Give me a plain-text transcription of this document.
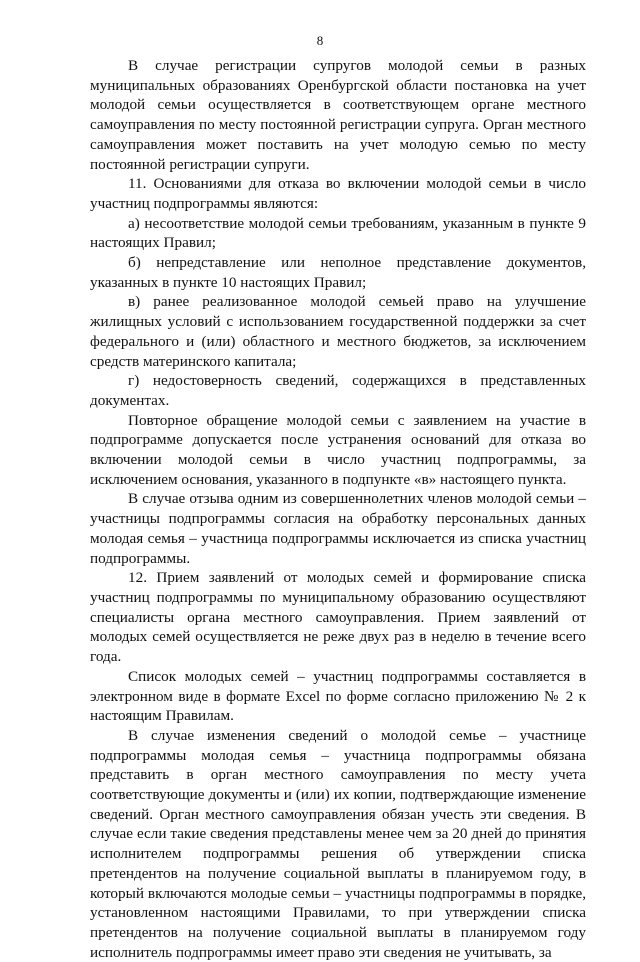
8

В случае регистрации супругов молодой семьи в разных муниципальных образованиях Оренбургской области постановка на учет молодой семьи осуществляется в соответствующем органе местного самоуправления по месту постоянной регистрации супруга. Орган местного самоуправления может поставить на учет молодую семью по месту постоянной регистрации супруги.

11. Основаниями для отказа во включении молодой семьи в число участниц подпрограммы являются:

а) несоответствие молодой семьи требованиям, указанным в пункте 9 настоящих Правил;

б) непредставление или неполное представление документов, указанных в пункте 10 настоящих Правил;

в) ранее реализованное молодой семьей право на улучшение жилищных условий с использованием государственной поддержки за счет федерального и (или) областного и местного бюджетов, за исключением средств материнского капитала;

г) недостоверность сведений, содержащихся в представленных документах.

Повторное обращение молодой семьи с заявлением на участие в подпрограмме допускается после устранения оснований для отказа во включении молодой семьи в число участниц подпрограммы, за исключением основания, указанного в подпункте «в» настоящего пункта.

В случае отзыва одним из совершеннолетних членов молодой семьи – участницы подпрограммы согласия на обработку персональных данных молодая семья – участница подпрограммы исключается из списка участниц подпрограммы.

12. Прием заявлений от молодых семей и формирование списка участниц подпрограммы по муниципальному образованию осуществляют специалисты органа местного самоуправления. Прием заявлений от молодых семей осуществляется не реже двух раз в неделю в течение всего года.

Список молодых семей – участниц подпрограммы составляется в электронном виде в формате Excel по форме согласно приложению № 2 к настоящим Правилам.

В случае изменения сведений о молодой семье – участнице подпрограммы молодая семья – участница подпрограммы обязана представить в орган местного самоуправления по месту учета соответствующие документы и (или) их копии, подтверждающие изменение сведений. Орган местного самоуправления обязан учесть эти сведения. В случае если такие сведения представлены менее чем за 20 дней до принятия исполнителем подпрограммы решения об утверждении списка претендентов на получение социальной выплаты в планируемом году, в который включаются молодые семьи – участницы подпрограммы в порядке, установленном настоящими Правилами, то при утверждении списка претендентов на получение социальной выплаты в планируемом году исполнитель подпрограммы имеет право эти сведения не учитывать, за
